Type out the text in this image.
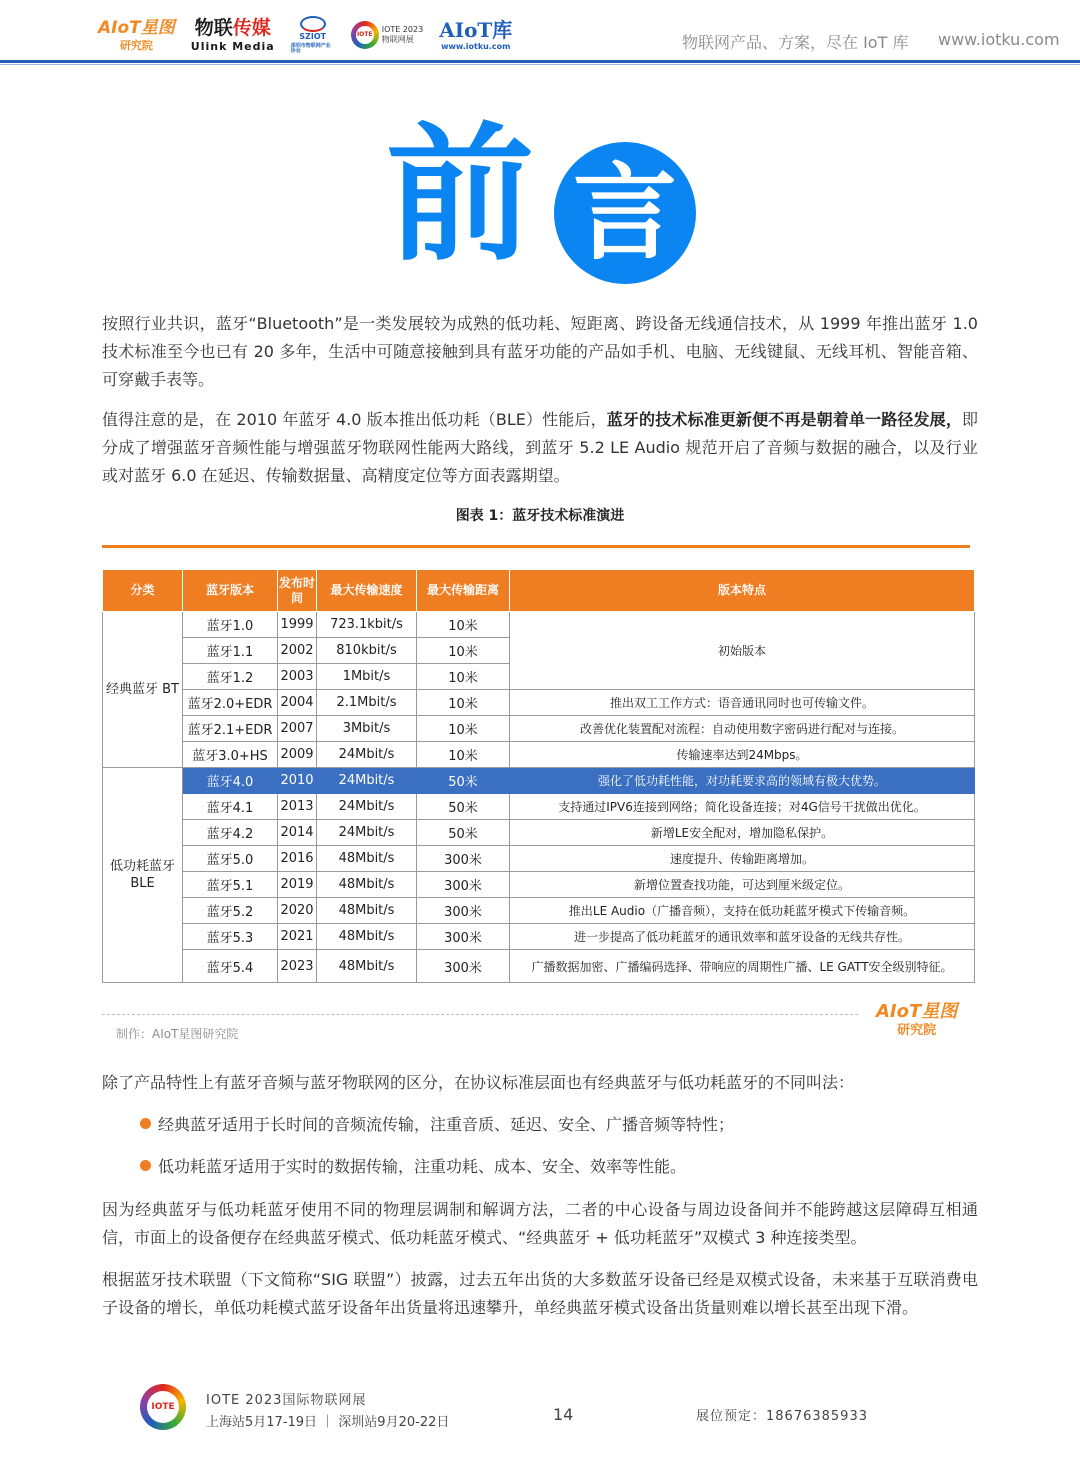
AIoT星图
研究院
物联传媒
Ulink Media
SZIOT
深圳市物联网产业协会
IOTE
IOTE 2023
物联网展	AIoT库
www.iotku.com	物联网产品、方案，尽在 IoT 库 www.iotku.com
前 言

按照行业共识，蓝牙“Bluetooth”是一类发展较为成熟的低功耗、短距离、跨设备无线通信技术，从 1999 年推出蓝牙 1.0 技术标准至今也已有 20 多年，生活中可随意接触到具有蓝牙功能的产品如手机、电脑、无线键鼠、无线耳机、智能音箱、可穿戴手表等。

值得注意的是，在 2010 年蓝牙 4.0 版本推出低功耗（BLE）性能后，蓝牙的技术标准更新便不再是朝着单一路径发展，即分成了增强蓝牙音频性能与增强蓝牙物联网性能两大路线，到蓝牙 5.2 LE Audio 规范开启了音频与数据的融合，以及行业或对蓝牙 6.0 在延迟、传输数据量、高精度定位等方面表露期望。

图表 1：蓝牙技术标准演进
分类	蓝牙版本	发布时间	最大传输速度	最大传输距离	版本特点
经典蓝牙 BT	蓝牙1.0	1999	723.1kbit/s	10米	初始版本
	蓝牙1.1	2002	810kbit/s	10米	
	蓝牙1.2	2003	1Mbit/s	10米	
	蓝牙2.0+EDR	2004	2.1Mbit/s	10米	推出双工工作方式：语音通讯同时也可传输文件。
	蓝牙2.1+EDR	2007	3Mbit/s	10米	改善优化装置配对流程：自动使用数字密码进行配对与连接。
	蓝牙3.0+HS	2009	24Mbit/s	10米	传输速率达到24Mbps。
低功耗蓝牙 BLE	蓝牙4.0	2010	24Mbit/s	50米	强化了低功耗性能，对功耗要求高的领域有极大优势。
	蓝牙4.1	2013	24Mbit/s	50米	支持通过IPV6连接到网络；简化设备连接；对4G信号干扰做出优化。
	蓝牙4.2	2014	24Mbit/s	50米	新增LE安全配对，增加隐私保护。
	蓝牙5.0	2016	48Mbit/s	300米	速度提升、传输距离增加。
	蓝牙5.1	2019	48Mbit/s	300米	新增位置查找功能，可达到厘米级定位。
	蓝牙5.2	2020	48Mbit/s	300米	推出LE Audio（广播音频），支持在低功耗蓝牙模式下传输音频。
	蓝牙5.3	2021	48Mbit/s	300米	进一步提高了低功耗蓝牙的通讯效率和蓝牙设备的无线共存性。
	蓝牙5.4	2023	48Mbit/s	300米	广播数据加密、广播编码选择、带响应的周期性广播、LE GATT安全级别特征。
制作：AIoT星图研究院
AIoT星图
研究院

除了产品特性上有蓝牙音频与蓝牙物联网的区分，在协议标准层面也有经典蓝牙与低功耗蓝牙的不同叫法：

经典蓝牙适用于长时间的音频流传输，注重音质、延迟、安全、广播音频等特性；
低功耗蓝牙适用于实时的数据传输，注重功耗、成本、安全、效率等性能。

因为经典蓝牙与低功耗蓝牙使用不同的物理层调制和解调方法，二者的中心设备与周边设备间并不能跨越这层障碍互相通信，市面上的设备便存在经典蓝牙模式、低功耗蓝牙模式、“经典蓝牙 + 低功耗蓝牙”双模式 3 种连接类型。

根据蓝牙技术联盟（下文简称“SIG 联盟”）披露，过去五年出货的大多数蓝牙设备已经是双模式设备，未来基于互联消费电子设备的增长，单低功耗模式蓝牙设备年出货量将迅速攀升，单经典蓝牙模式设备出货量则难以增长甚至出现下滑。

IOTE	IOTE 2023国际物联网展
上海站5月17-19日 ｜ 深圳站9月20-22日	14	展位预定：18676385933
